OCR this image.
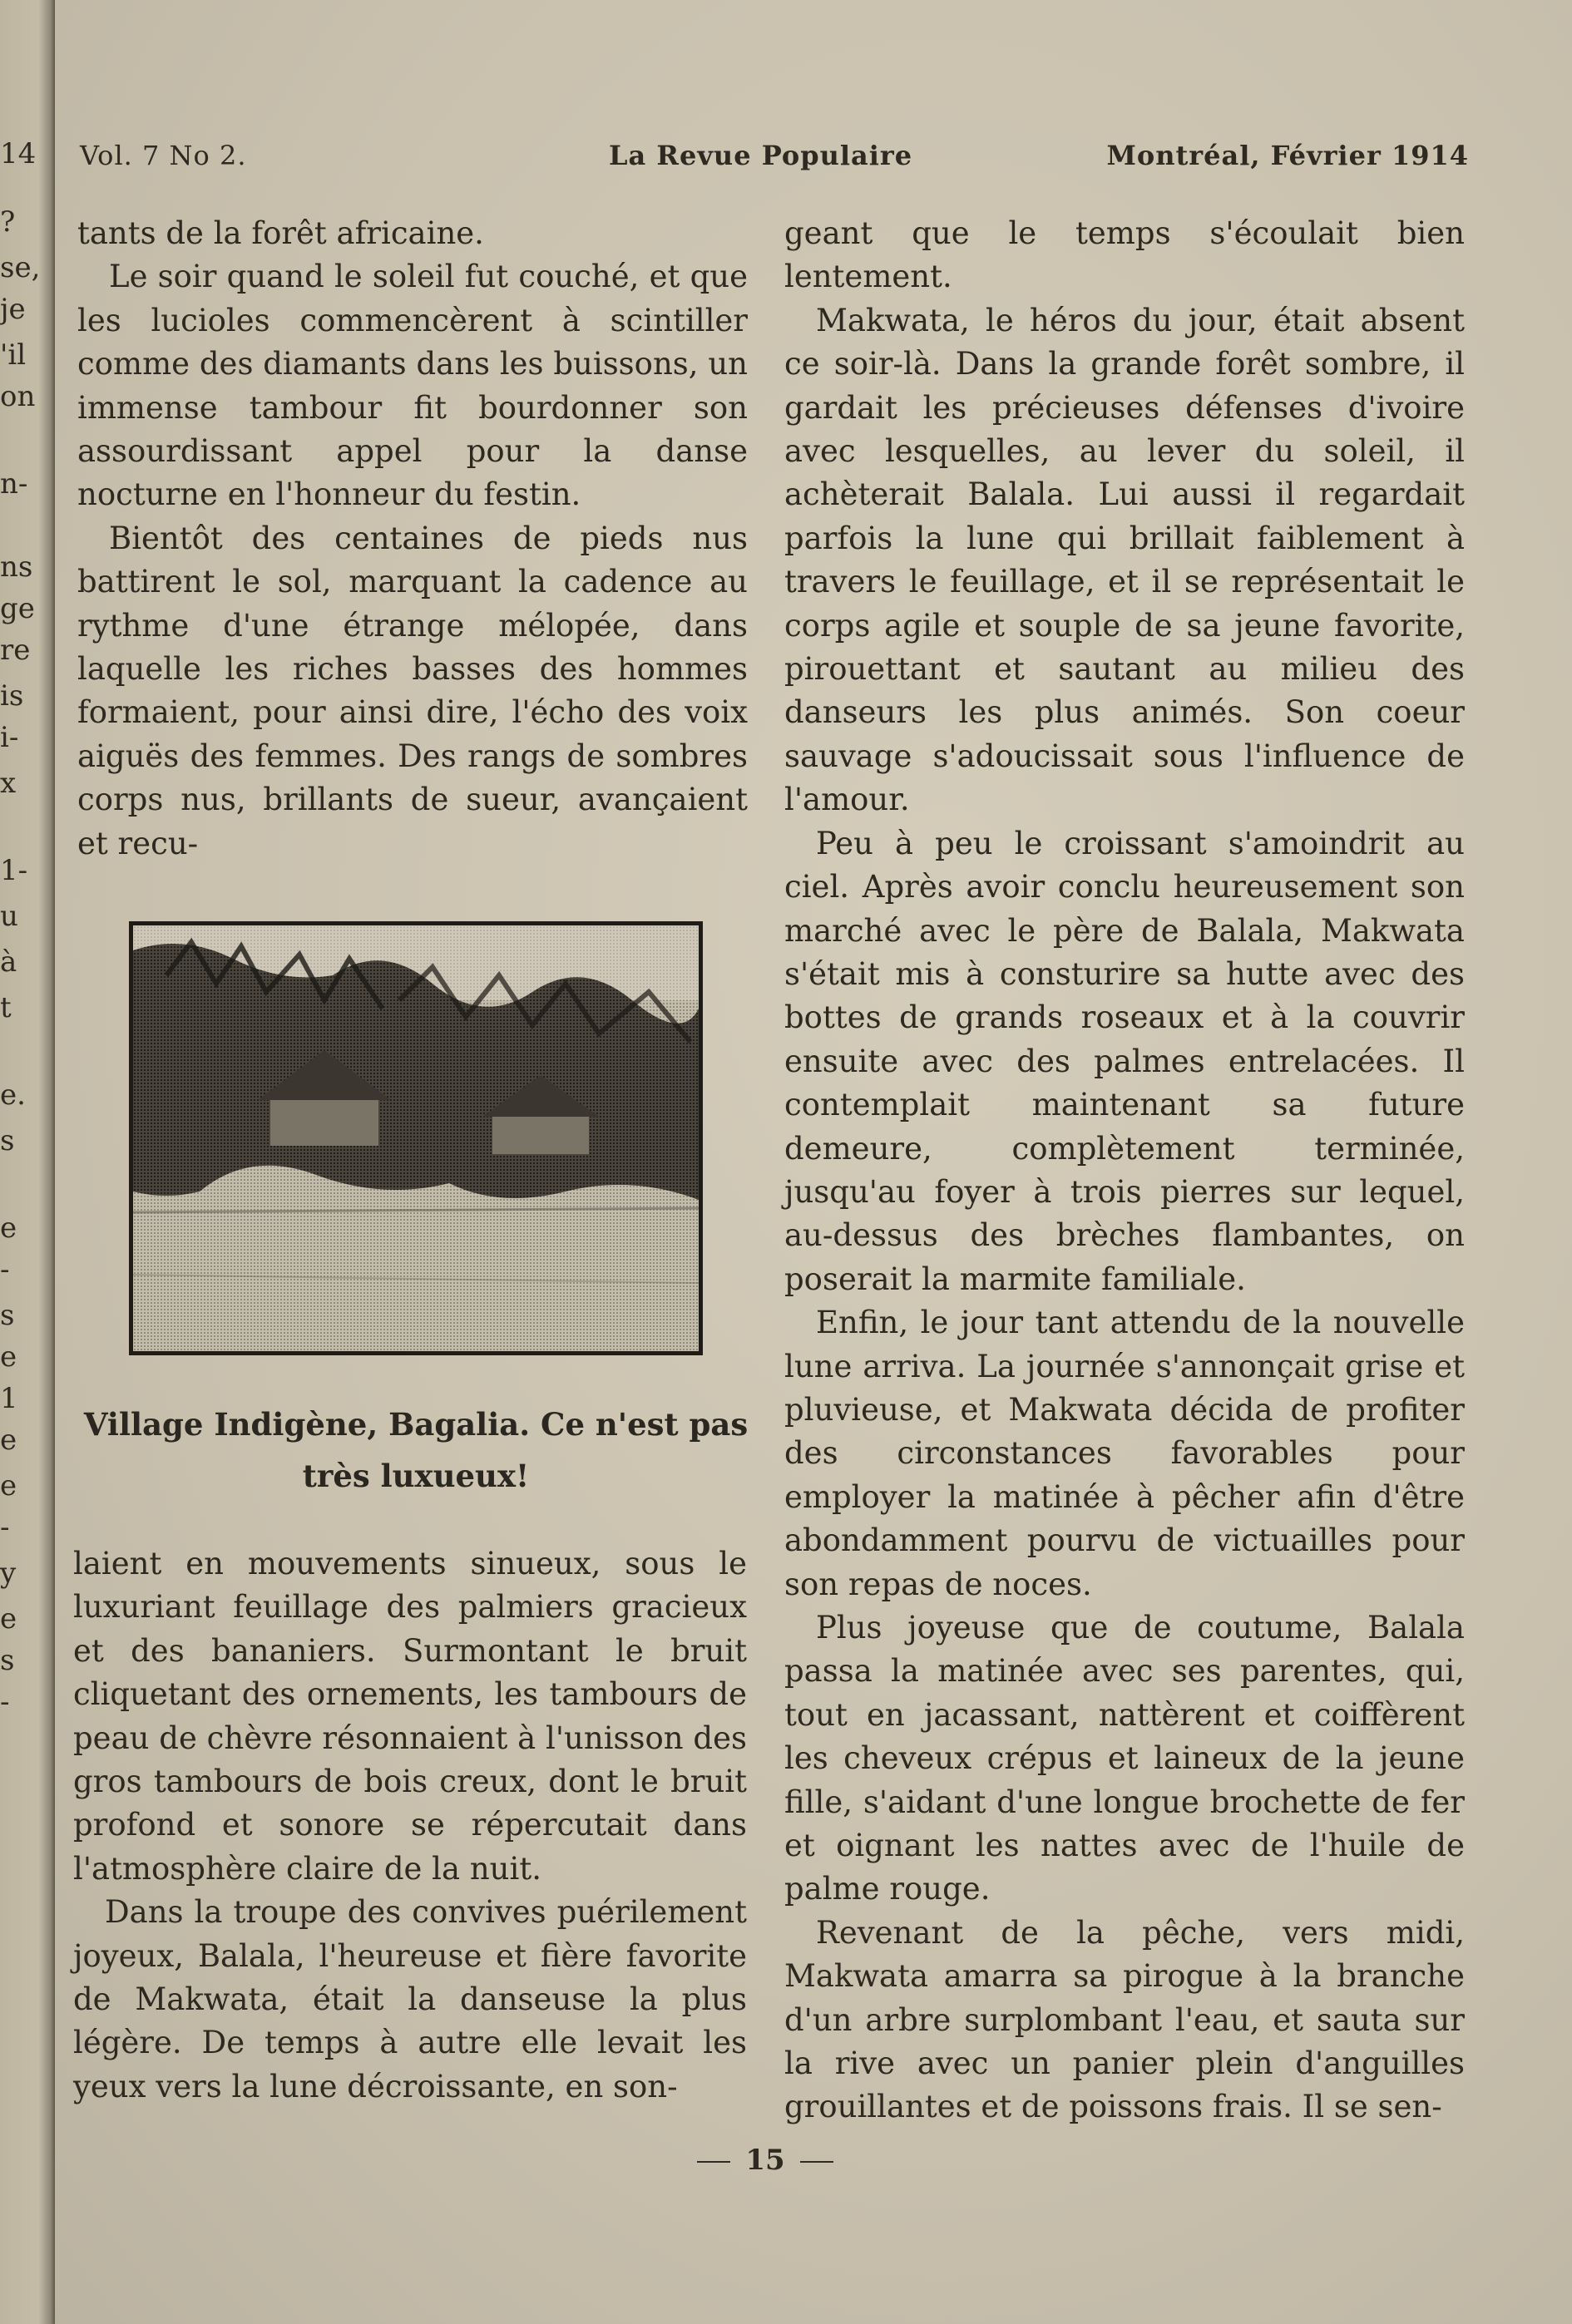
14
?
se,
je
'il
on
n-
ns
ge
re
is
i-
x
1-
u
à
t
e.
s
e
-
s
e
1
e
e
-
y
e
s
-
Vol. 7 No 2.	La Revue Populaire	Montréal, Février 1914

tants de la forêt africaine.

Le soir quand le soleil fut couché, et que les lucioles commencèrent à scintiller comme des diamants dans les buissons, un immense tambour fit bourdonner son assourdissant appel pour la danse nocturne en l'honneur du festin.

Bientôt des centaines de pieds nus battirent le sol, marquant la cadence au rythme d'une étrange mélopée, dans laquelle les riches basses des hommes formaient, pour ainsi dire, l'écho des voix aiguës des femmes. Des rangs de sombres corps nus, brillants de sueur, avançaient et recu-

Village Indigène, Bagalia. Ce n'est pas
très luxueux!

laient en mouvements sinueux, sous le luxuriant feuillage des palmiers gracieux et des bananiers. Surmontant le bruit cliquetant des ornements, les tambours de peau de chèvre résonnaient à l'unisson des gros tambours de bois creux, dont le bruit profond et sonore se répercutait dans l'atmosphère claire de la nuit.

Dans la troupe des convives puérilement joyeux, Balala, l'heureuse et fière favorite de Makwata, était la danseuse la plus légère. De temps à autre elle levait les yeux vers la lune décroissante, en son-

geant que le temps s'écoulait bien lentement.

Makwata, le héros du jour, était absent ce soir-là. Dans la grande forêt sombre, il gardait les précieuses défenses d'ivoire avec lesquelles, au lever du soleil, il achèterait Balala. Lui aussi il regardait parfois la lune qui brillait faiblement à travers le feuillage, et il se représentait le corps agile et souple de sa jeune favorite, pirouettant et sautant au milieu des danseurs les plus animés. Son coeur sauvage s'adoucissait sous l'influence de l'amour.

Peu à peu le croissant s'amoindrit au ciel. Après avoir conclu heureusement son marché avec le père de Balala, Makwata s'était mis à consturire sa hutte avec des bottes de grands roseaux et à la couvrir ensuite avec des palmes entrelacées. Il contemplait maintenant sa future demeure, complètement terminée, jusqu'au foyer à trois pierres sur lequel, au-dessus des brèches flambantes, on poserait la marmite familiale.

Enfin, le jour tant attendu de la nouvelle lune arriva. La journée s'annonçait grise et pluvieuse, et Makwata décida de profiter des circonstances favorables pour employer la matinée à pêcher afin d'être abondamment pourvu de victuailles pour son repas de noces.

Plus joyeuse que de coutume, Balala passa la matinée avec ses parentes, qui, tout en jacassant, nattèrent et coiffèrent les cheveux crépus et laineux de la jeune fille, s'aidant d'une longue brochette de fer et oignant les nattes avec de l'huile de palme rouge.

Revenant de la pêche, vers midi, Makwata amarra sa pirogue à la branche d'un arbre surplombant l'eau, et sauta sur la rive avec un panier plein d'anguilles grouillantes et de poissons frais. Il se sen-

15
